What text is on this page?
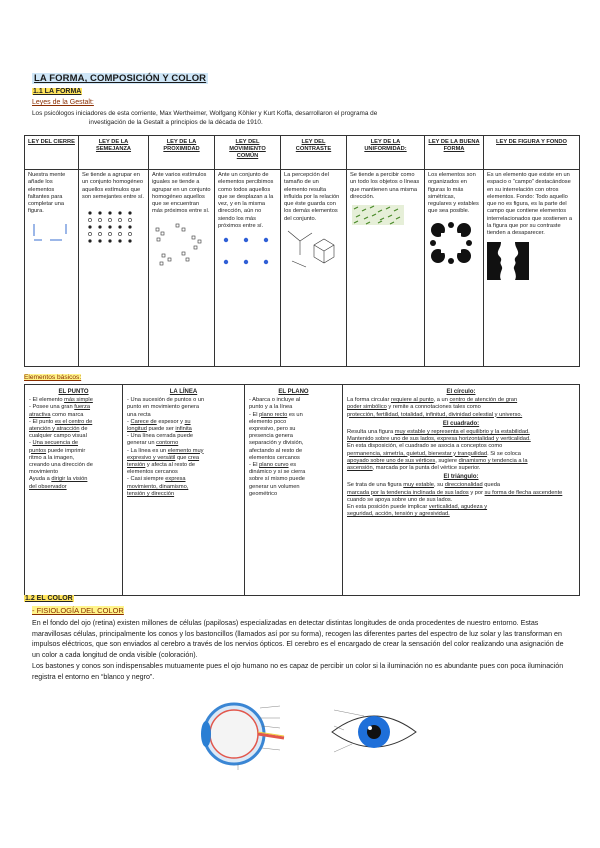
LA FORMA, COMPOSICIÓN Y COLOR
1.1 LA FORMA
Leyes de la Gestalt:
Los psicólogos iniciadores de esta corriente, Max Wertheimer, Wolfgang Köhler y Kurt Koffa, desarrollaron el programa de
investigación de la Gestalt a principios de la década de 1910.
LEY DEL CIERRE	LEY DE LA SEMEJANZA	LEY DE LA PROXIMIDAD	LEY DEL MOVIMIENTO COMÚN	LEY DEL CONTRASTE	LEY DE LA UNIFORMIDAD:	LEY DE LA BUENA FORMA	LEY DE FIGURA Y FONDO

Nuestra mente añade los elementos faltantes para completar una figura.	Se tiende a agrupar en un conjunto homogéneo aquellos estímulos que son semejantes entre sí.	Ante varios estímulos iguales se tiende a agrupar en un conjunto homogéneo aquellos que se encuentran más próximos entre sí.	Ante un conjunto de elementos percibimos como todos aquellos que se desplazan a la vez, y en la misma dirección, aún no siendo los más próximos entre sí.	La percepción del tamaño de un elemento resulta influida por la relación que éste guarda con los demás elementos del conjunto.	Se tiende a percibir como un todo los objetos o líneas que mantienen una misma dirección.	Los elementos son organizados en figuras lo más simétricas, regulares y estables que sea posible.	Es un elemento que existe en un espacio o “campo” destacándose en su interrelación con otros elementos. Fondo: Todo aquello que no es figura, es la parte del campo que contiene elementos interrelacionados que sostienen a la figura que por su contraste tienden a desaparecer.
Elementos básicos:
EL PUNTO
- El elemento más simple
- Posee una gran fuerza
atractiva como marca
- El punto es el centro de
atención y atracción de
cualquier campo visual
- Una secuencia de
puntos puede imprimir
ritmo a la imagen,
creando una dirección de
movimiento
Ayuda a dirigir la visión
del observador

LA LÍNEA
- Una sucesión de puntos o un
punto en movimiento genera
una recta
- Carece de espesor y su
longitud puede ser infinita
- Una línea cerrada puede
generar un contorno
- La línea es un elemento muy
expresivo y versátil que crea
tensión y afecta al resto de
elementos cercanos
- Casi siempre expresa
movimiento, dinamismo,
tensión y dirección

EL PLANO
- Abarca o incluye al
punto y a la línea
- El plano recto es un
elemento poco
expresivo, pero su
presencia genera
separación y división,
afectando al resto de
elementos cercanos
- El plano curvo es
dinámico y si se cierra
sobre sí mismo puede
generar un volumen
geométrico

El círculo:
La forma circular requiere al punto, a un centro de atención de gran
poder simbólico y remite a connotaciones tales como
protección, fertilidad, totalidad, infinitud, divinidad celestial y universo.
El cuadrado:
Resulta una figura muy estable y representa el equilibrio y la estabilidad.
Mantenido sobre uno de sus lados, expresa horizontalidad y verticalidad.
En esta disposición, el cuadrado se asocia a conceptos como
permanencia, simetría, quietud, bienestar y tranquilidad. Si se coloca
apoyado sobre uno de sus vértices, sugiere dinamismo y tendencia a la
ascensión, marcada por la punta del vértice superior.
El triángulo:
Se trata de una figura muy estable, su direccionalidad queda
marcada por la tendencia inclinada de sus lados y por su forma de flecha ascendente cuando se apoya sobre uno de sus lados.
En esta posición puede implicar verticalidad, agudeza y
seguridad, acción, tensión y agresividad.
1.2 EL COLOR
- FISIOLOGÍA DEL COLOR
En el fondo del ojo (retina) existen millones de células (papilosas) especializadas en detectar distintas longitudes de onda procedentes de nuestro entorno. Estas maravillosas células, principalmente los conos y los bastoncillos (llamados así por su forma), recogen las diferentes partes del espectro de luz solar y las transforman en impulsos eléctricos, que son enviados al cerebro a través de los nervios ópticos. El cerebro es el encargado de crear la sensación del color realizando una asignación de un color a cada longitud de onda visible (coloración).
Los bastones y conos son indispensables mutuamente pues el ojo humano no es capaz de percibir un color si la iluminación no es abundante pues con poca iluminación registra el entorno en “blanco y negro”.
